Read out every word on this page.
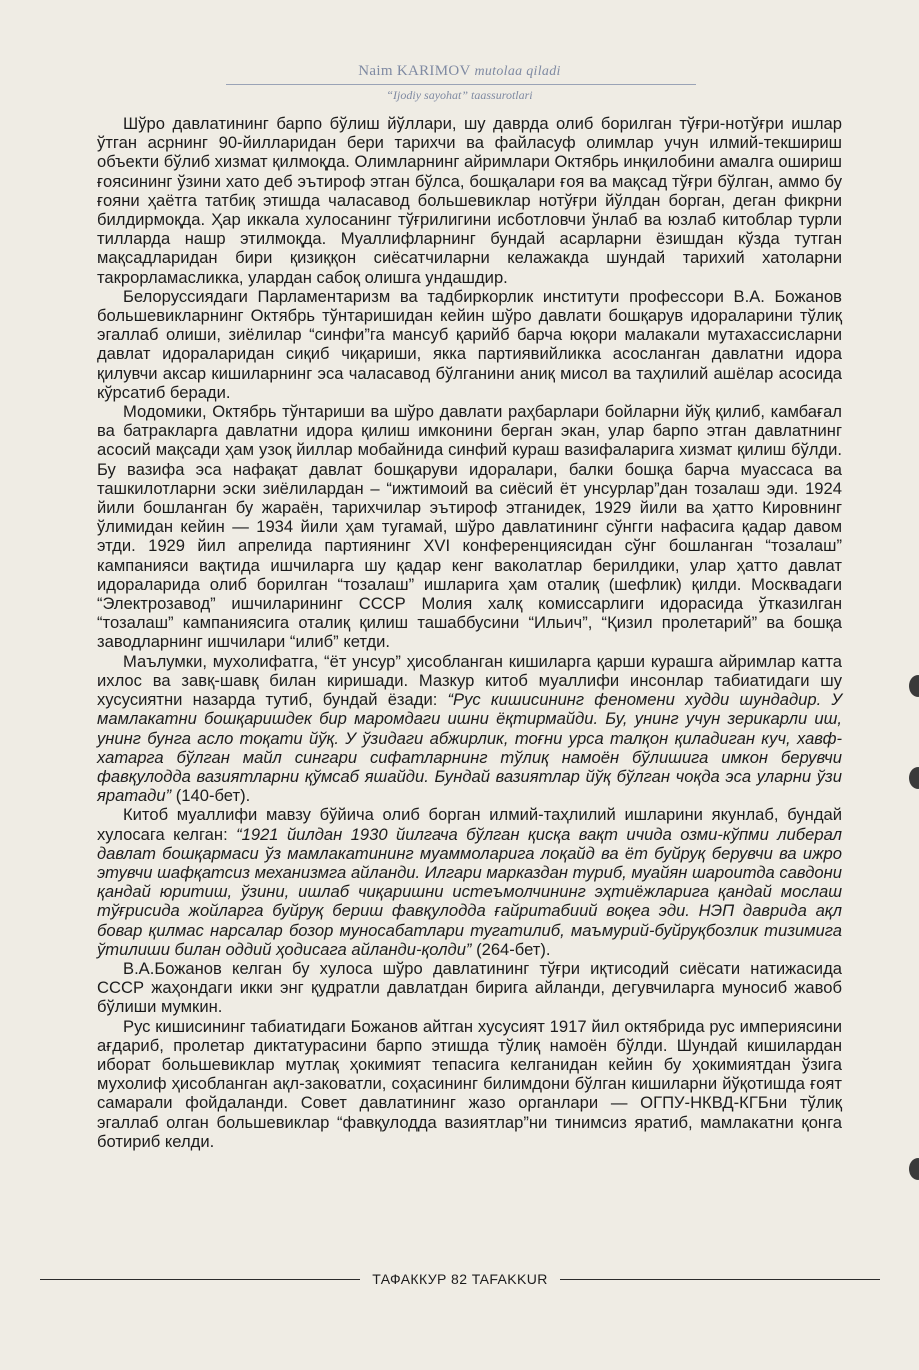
Naim KARIMOV mutolaa qiladi
“Ijodiy sayohat” taassurotlari

Шўро давлатининг барпо бўлиш йўллари, шу даврда олиб борилган тўғри-нотўғри ишлар ўтган асрнинг 90-йилларидан бери тарихчи ва файласуф олимлар учун илмий-текшириш объекти бўлиб хизмат қилмоқда. Олимларнинг айримлари Октябрь инқилобини амалга ошириш ғоясининг ўзини хато деб эътироф этган бўлса, бошқалари ғоя ва мақсад тўғри бўлган, аммо бу ғояни ҳаётга татбиқ этишда чаласавод большевиклар нотўғри йўлдан борган, деган фикрни билдирмоқда. Ҳар иккала хулосанинг тўғрилигини исботловчи ўнлаб ва юзлаб китоблар турли тилларда нашр этилмоқда. Муаллифларнинг бундай асарларни ёзишдан кўзда тутган мақсадларидан бири қизиққон сиёсатчиларни келажакда шундай тарихий хатоларни такрорламасликка, улардан сабоқ олишга ундашдир.

Белоруссиядаги Парламентаризм ва тадбиркорлик институти профессори В.А. Божанов большевикларнинг Октябрь тўнтаришидан кейин шўро давлати бошқарув идораларини тўлиқ эгаллаб олиши, зиёлилар “синфи”га мансуб қарийб барча юқори малакали мутахассисларни давлат идораларидан сиқиб чиқариши, якка партиявийликка асосланган давлатни идора қилувчи аксар кишиларнинг эса чаласавод бўлганини аниқ мисол ва таҳлилий ашёлар асосида кўрсатиб беради.

Модомики, Октябрь тўнтариши ва шўро давлати раҳбарлари бойларни йўқ қилиб, камбағал ва батракларга давлатни идора қилиш имконини берган экан, улар барпо этган давлатнинг асосий мақсади ҳам узоқ йиллар мобайнида синфий кураш вазифаларига хизмат қилиш бўлди. Бу вазифа эса нафақат давлат бошқаруви идоралари, балки бошқа барча муассаса ва ташкилотларни эски зиёлилардан – “ижтимоий ва сиёсий ёт унсурлар”дан тозалаш эди. 1924 йили бошланган бу жараён, тарихчилар эътироф этганидек, 1929 йили ва ҳатто Кировнинг ўлимидан кейин — 1934 йили ҳам тугамай, шўро давлатининг сўнгги нафасига қадар давом этди. 1929 йил апрелида партиянинг XVI конференциясидан сўнг бошланган “тозалаш” кампанияси вақтида ишчиларга шу қадар кенг ваколатлар берилдики, улар ҳатто давлат идораларида олиб борилган “тозалаш” ишларига ҳам оталиқ (шефлик) қилди. Москвадаги “Электрозавод” ишчиларининг СССР Молия халқ комиссарлиги идорасида ўтказилган “тозалаш” кампаниясига оталиқ қилиш ташаббусини “Ильич”, “Қизил пролетарий” ва бошқа заводларнинг ишчилари “илиб” кетди.

Маълумки, мухолифатга, “ёт унсур” ҳисобланган кишиларга қарши курашга айримлар катта ихлос ва завқ-шавқ билан киришади. Мазкур китоб муаллифи инсонлар табиатидаги шу хусусиятни назарда тутиб, бундай ёзади: “Рус кишисининг феномени худди шундадир. У мамлакатни бошқаришдек бир маромдаги ишни ёқтирмайди. Бу, унинг учун зерикарли иш, унинг бунга асло тоқати йўқ. У ўзидаги абжирлик, тоғни урса талқон қиладиган куч, хавф-хатарга бўлган майл сингари сифатларнинг тўлиқ намоён бўлишига имкон берувчи фавқулодда вазиятларни қўмсаб яшайди. Бундай вазиятлар йўқ бўлган чоқда эса уларни ўзи яратади” (140-бет).

Китоб муаллифи мавзу бўйича олиб борган илмий-таҳлилий ишларини якунлаб, бундай хулосага келган: “1921 йилдан 1930 йилгача бўлган қисқа вақт ичида озми-кўпми либерал давлат бошқармаси ўз мамлакатининг муаммоларига лоқайд ва ёт буйруқ берувчи ва ижро этувчи шафқатсиз механизмга айланди. Илгари марказдан туриб, муайян шароитда савдони қандай юритиш, ўзини, ишлаб чиқаришни истеъмолчининг эҳтиёжларига қандай мослаш тўғрисида жойларга буйруқ бериш фавқулодда ғайритабиий воқеа эди. НЭП даврида ақл бовар қилмас нарсалар бозор муносабатлари тугатилиб, маъмурий-буйруқбозлик тизимига ўтилиши билан оддий ҳодисага айланди-қолди” (264-бет).

В.А.Божанов келган бу хулоса шўро давлатининг тўғри иқтисодий сиёсати натижасида СССР жаҳондаги икки энг қудратли давлатдан бирига айланди, дегувчиларга муносиб жавоб бўлиши мумкин.

Рус кишисининг табиатидаги Божанов айтган хусусият 1917 йил октябрида рус империясини ағдариб, пролетар диктатурасини барпо этишда тўлиқ намоён бўлди. Шундай кишилардан иборат большевиклар мутлақ ҳокимият тепасига келганидан кейин бу ҳокимиятдан ўзига мухолиф ҳисобланган ақл-заковатли, соҳасининг билимдони бўлган кишиларни йўқотишда ғоят самарали фойдаланди. Совет давлатининг жазо органлари — ОГПУ-НКВД-КГБни тўлиқ эгаллаб олган большевиклар “фавқулодда вазиятлар”ни тинимсиз яратиб, мамлакатни қонга ботириб келди.

ТАФАККУР 82 TAFAKKUR
